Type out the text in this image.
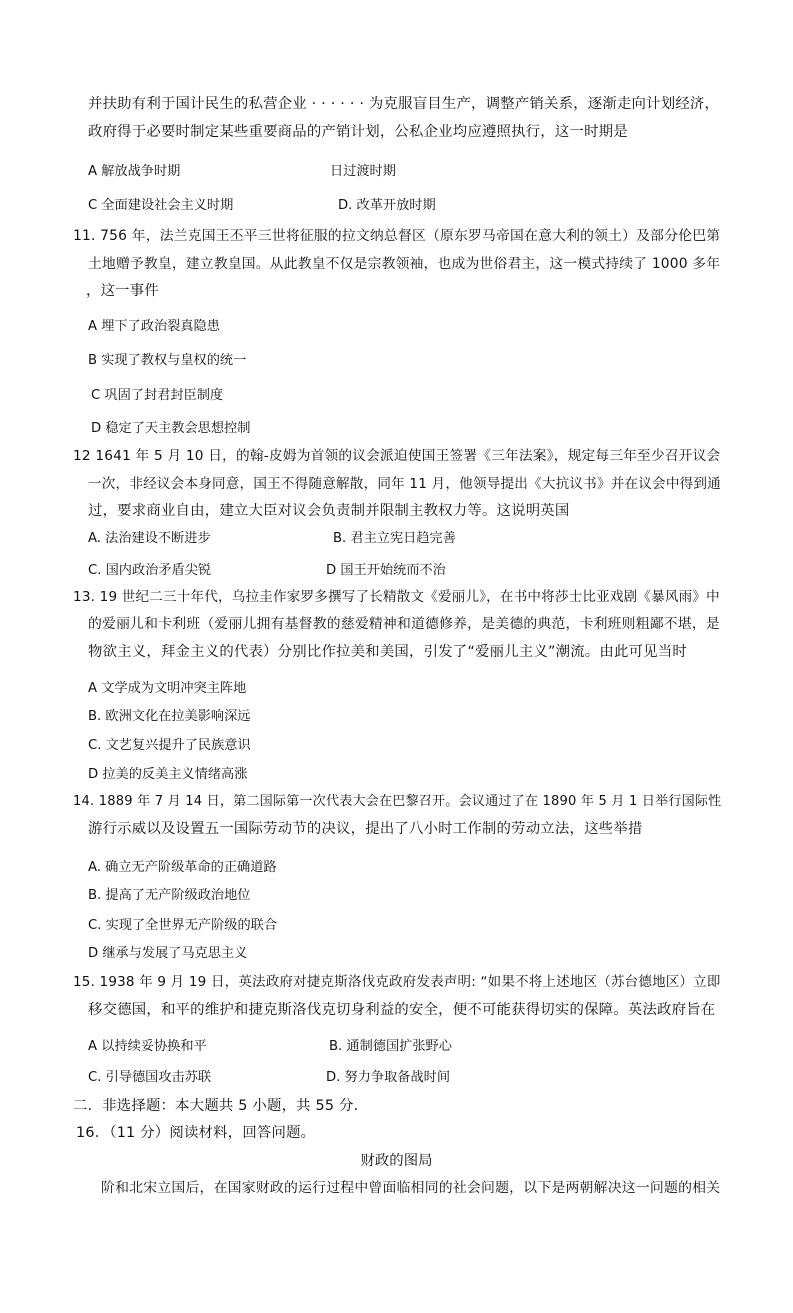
并扶助有利于国计民生的私营企业 · · · · · · 为克服盲目生产，调整产销关系，逐渐走向计划经济，
政府得于必要时制定某些重要商品的产销计划，公私企业均应遵照执行，这一时期是
A 解放战争时期	日过渡时期
C 全面建设社会主义时期	D. 改革开放时期
11. 756 年，法兰克国王丕平三世将征服的拉文纳总督区（原东罗马帝国在意大利的领土）及部分伦巴第
土地赠予教皇，建立教皇国。从此教皇不仅是宗教领袖，也成为世俗君主，这一模式持续了 1000 多年
，这一事件
A 埋下了政治裂真隐患
B 实现了教权与皇权的统一
C 巩固了封君封臣制度
D 稳定了天主教会思想控制
12 1641 年 5 月 10 日，的翰-皮姆为首领的议会派迫使国王签署《三年法案》，规定每三年至少召开议会
一次，非经议会本身同意，国王不得随意解散，同年 11 月，他领导提出《大抗议书》并在议会中得到通
过，要求商业自由，建立大臣对议会负责制并限制主教权力等。这说明英国
A. 法治建设不断进步	B. 君主立宪日趋完善
C. 国内政治矛盾尖锐	D 国王开始统而不治
13. 19 世纪二三十年代，乌拉圭作家罗多撰写了长精散文《爱丽儿》，在书中将莎士比亚戏剧《暴风雨》中
的爱丽儿和卡利班（爱丽儿拥有基督教的慈爱精神和道德修养，是美德的典范，卡利班则粗鄙不堪，是
物欲主义，拜金主义的代表）分别比作拉美和美国，引发了“爱丽儿主义”潮流。由此可见当时
A 文学成为文明冲突主阵地
B. 欧洲文化在拉美影响深远
C. 文艺复兴提升了民族意识
D 拉美的反美主义情绪高涨
14. 1889 年 7 月 14 日，第二国际第一次代表大会在巴黎召开。会议通过了在 1890 年 5 月 1 日举行国际性
游行示威以及设置五一国际劳动节的决议，提出了八小时工作制的劳动立法，这些举措
A. 确立无产阶级革命的正确道路
B. 提高了无产阶级政治地位
C. 实现了全世界无产阶级的联合
D 继承与发展了马克思主义
15. 1938 年 9 月 19 日，英法政府对捷克斯洛伐克政府发表声明: “如果不将上述地区（苏台德地区）立即
移交德国，和平的维护和捷克斯洛伐克切身利益的安全，便不可能获得切实的保障。英法政府旨在
A 以持续妥协换和平	B. 通制德国扩张野心
C. 引导德国攻击苏联	D. 努力争取备战时间
二．非选择题：本大题共 5 小题，共 55 分．
16．（11 分）阅读材料，回答问题。
财政的图局
阶和北宋立国后，在国家财政的运行过程中曾面临相同的社会问题，以下是两朝解决这一问题的相关
